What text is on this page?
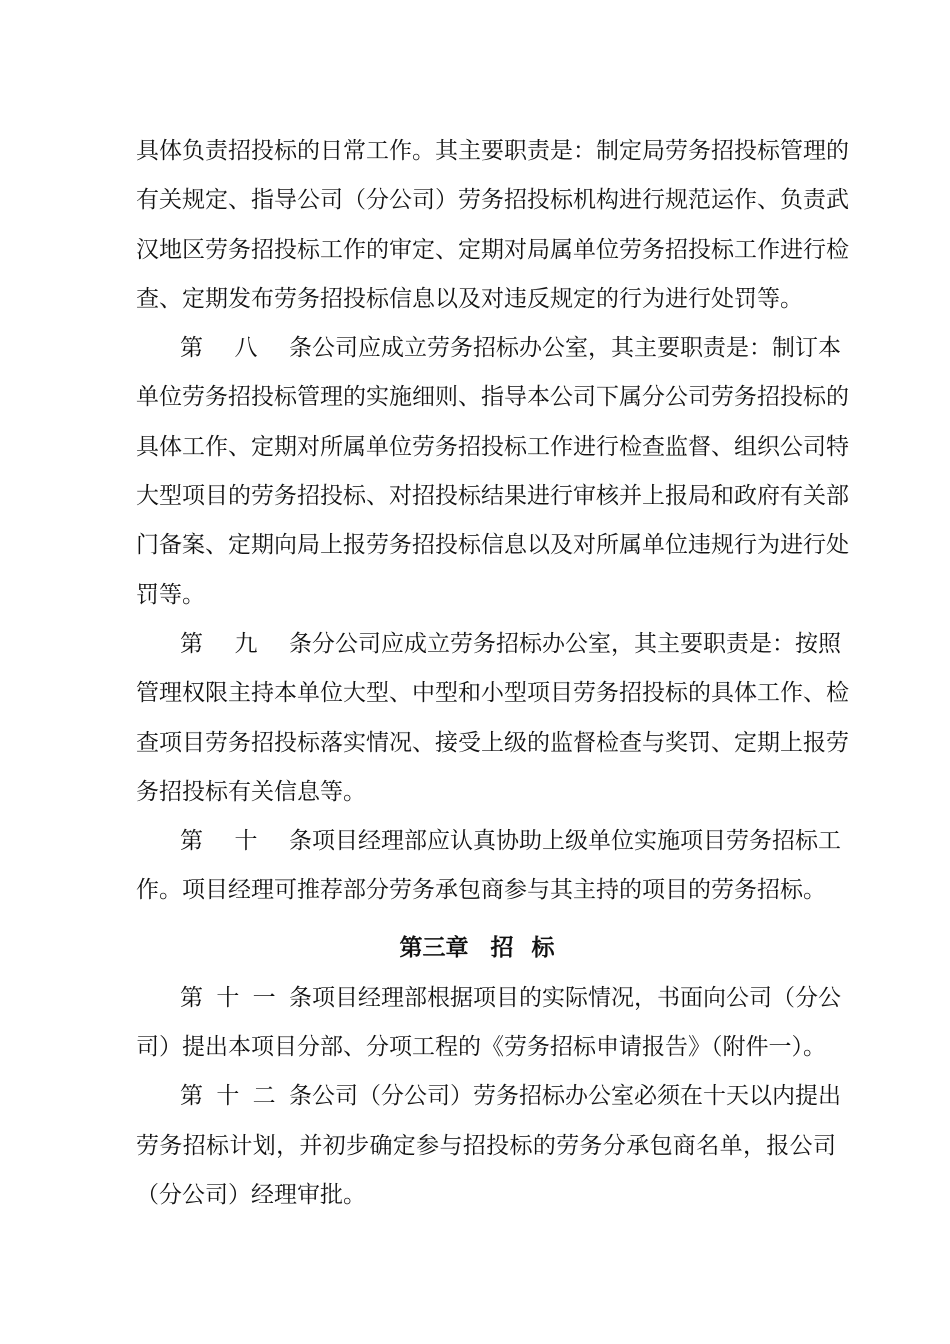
具体负责招投标的日常工作。其主要职责是：制定局劳务招投标管理的
有关规定、指导公司（分公司）劳务招投标机构进行规范运作、负责武
汉地区劳务招投标工作的审定、定期对局属单位劳务招投标工作进行检
查、定期发布劳务招投标信息以及对违反规定的行为进行处罚等。
第八条公司应成立劳务招标办公室，其主要职责是：制订本
单位劳务招投标管理的实施细则、指导本公司下属分公司劳务招投标的
具体工作、定期对所属单位劳务招投标工作进行检查监督、组织公司特
大型项目的劳务招投标、对招投标结果进行审核并上报局和政府有关部
门备案、定期向局上报劳务招投标信息以及对所属单位违规行为进行处
罚等。
第九条分公司应成立劳务招标办公室，其主要职责是：按照
管理权限主持本单位大型、中型和小型项目劳务招投标的具体工作、检
查项目劳务招投标落实情况、接受上级的监督检查与奖罚、定期上报劳
务招投标有关信息等。
第十条项目经理部应认真协助上级单位实施项目劳务招标工
作。项目经理可推荐部分劳务承包商参与其主持的项目的劳务招标。
第三章 招标
第十一条项目经理部根据项目的实际情况，书面向公司（分公
司）提出本项目分部、分项工程的《劳务招标申请报告》（附件一）。
第十二条公司（分公司）劳务招标办公室必须在十天以内提出
劳务招标计划，并初步确定参与招投标的劳务分承包商名单，报公司
（分公司）经理审批。
